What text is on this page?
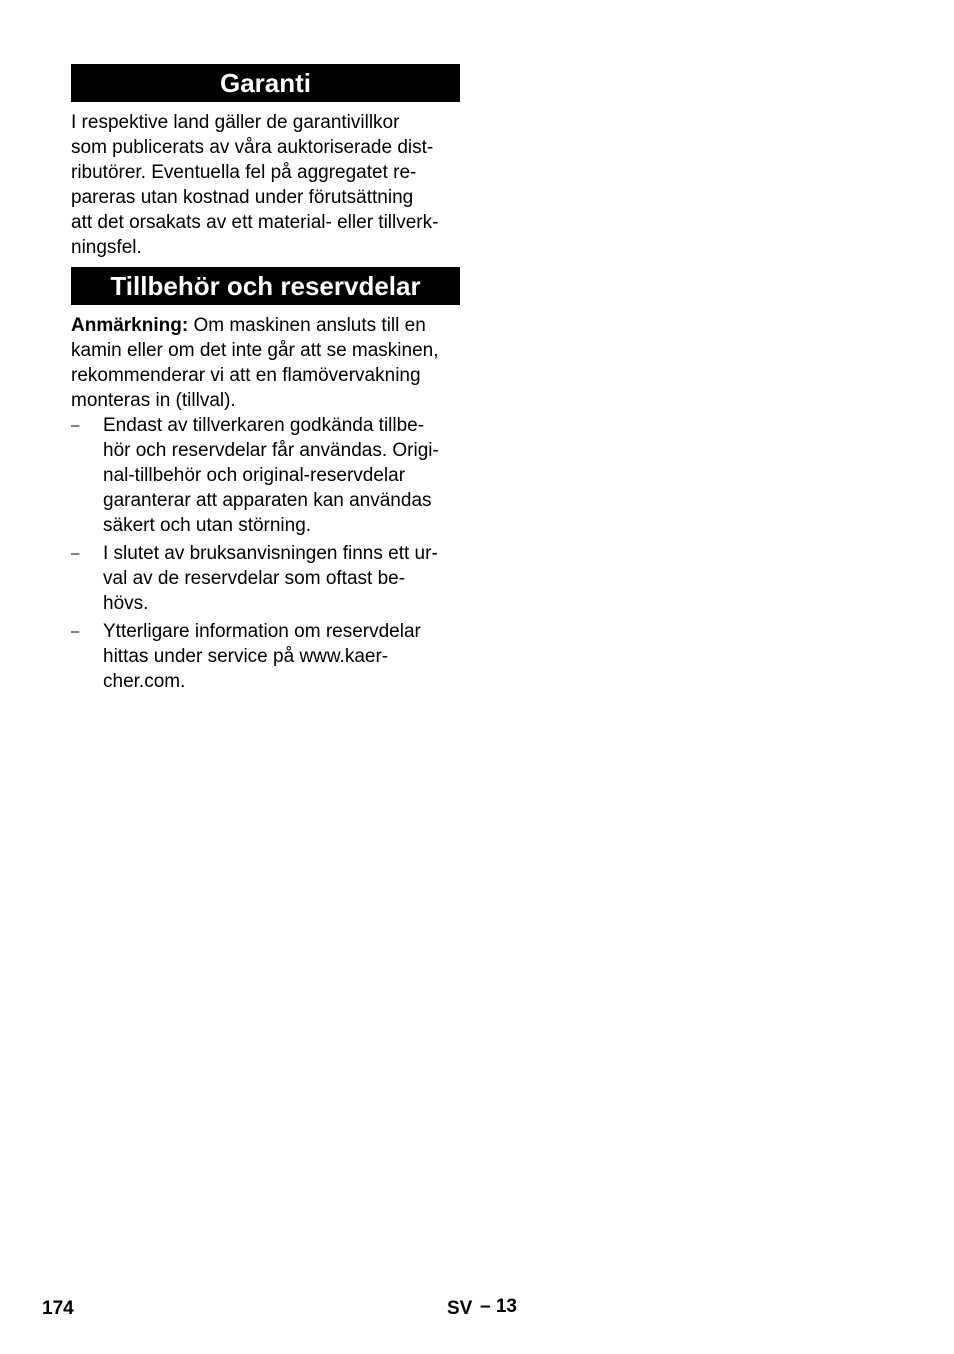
Garanti

I respektive land gäller de garantivillkor
som publicerats av våra auktoriserade dist-
ributörer. Eventuella fel på aggregatet re-
pareras utan kostnad under förutsättning
att det orsakats av ett material- eller tillverk-
ningsfel.

Tillbehör och reservdelar

Anmärkning: Om maskinen ansluts till en
kamin eller om det inte går att se maskinen,
rekommenderar vi att en flamövervakning
monteras in (tillval).

– Endast av tillverkaren godkända tillbe-
hör och reservdelar får användas. Origi-
nal-tillbehör och original-reservdelar
garanterar att apparaten kan användas
säkert och utan störning.
– I slutet av bruksanvisningen finns ett ur-
val av de reservdelar som oftast be-
hövs.
– Ytterligare information om reservdelar
hittas under service på www.kaer-
cher.com.
174	SV – 13
